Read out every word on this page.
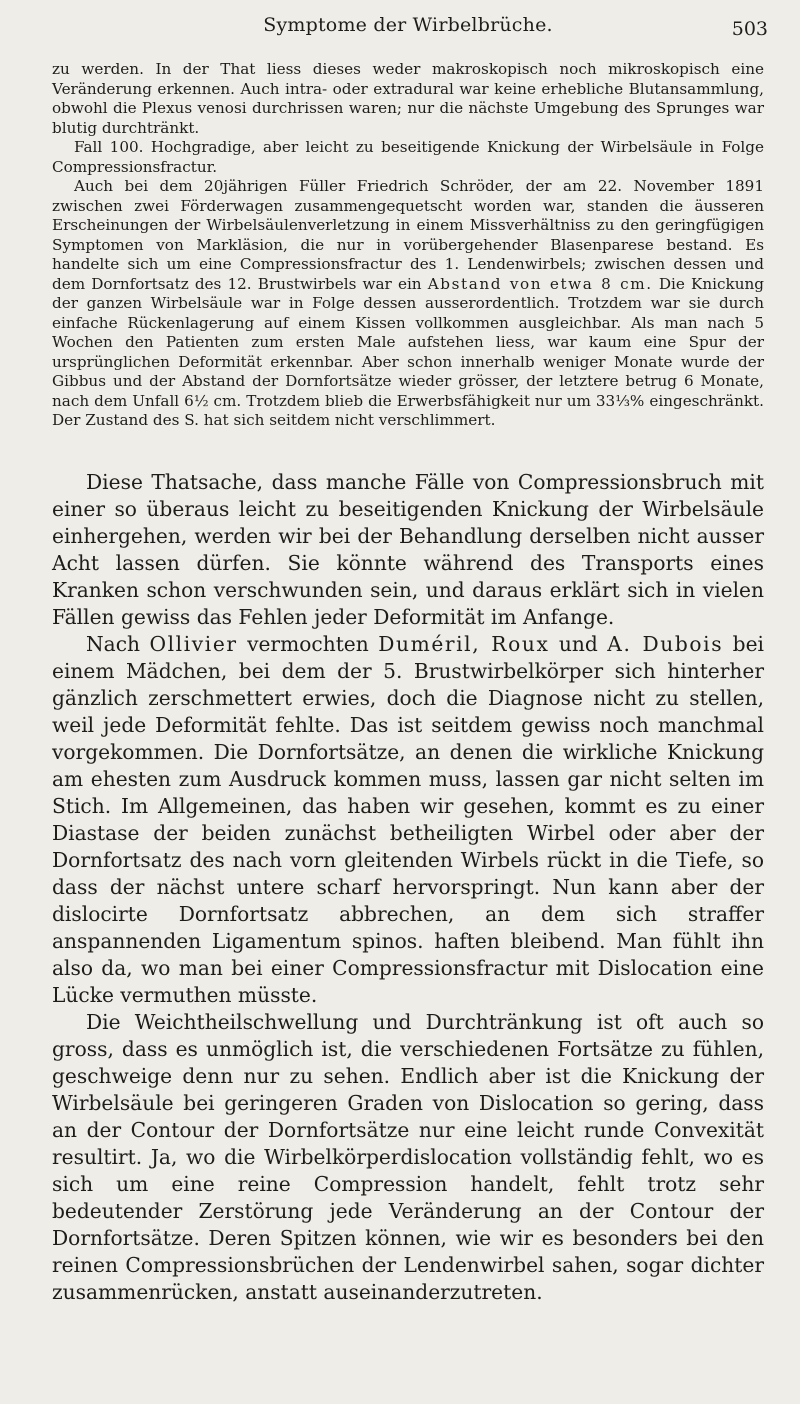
Symptome der Wirbelbrüche.	503

zu werden. In der That liess dieses weder makroskopisch noch mikroskopisch eine Veränderung erkennen. Auch intra- oder extradural war keine erhebliche Blutansammlung, obwohl die Plexus venosi durchrissen waren; nur die nächste Umgebung des Sprunges war blutig durchtränkt.

Fall 100. Hochgradige, aber leicht zu beseitigende Knickung der Wirbelsäule in Folge Compressionsfractur.

Auch bei dem 20jährigen Füller Friedrich Schröder, der am 22. November 1891 zwischen zwei Förderwagen zusammengequetscht worden war, standen die äusseren Erscheinungen der Wirbelsäulenverletzung in einem Missverhältniss zu den geringfügigen Symptomen von Markläsion, die nur in vorübergehender Blasenparese bestand. Es handelte sich um eine Compressionsfractur des 1. Lendenwirbels; zwischen dessen und dem Dornfortsatz des 12. Brustwirbels war ein Abstand von etwa 8 cm. Die Knickung der ganzen Wirbelsäule war in Folge dessen ausserordentlich. Trotzdem war sie durch einfache Rückenlagerung auf einem Kissen vollkommen ausgleichbar. Als man nach 5 Wochen den Patienten zum ersten Male aufstehen liess, war kaum eine Spur der ursprünglichen Deformität erkennbar. Aber schon innerhalb weniger Monate wurde der Gibbus und der Abstand der Dornfortsätze wieder grösser, der letztere betrug 6 Monate, nach dem Unfall 6½ cm. Trotzdem blieb die Erwerbsfähigkeit nur um 33⅓% eingeschränkt. Der Zustand des S. hat sich seitdem nicht verschlimmert.

Diese Thatsache, dass manche Fälle von Compressionsbruch mit einer so überaus leicht zu beseitigenden Knickung der Wirbelsäule einhergehen, werden wir bei der Behandlung derselben nicht ausser Acht lassen dürfen. Sie könnte während des Transports eines Kranken schon verschwunden sein, und daraus erklärt sich in vielen Fällen gewiss das Fehlen jeder Deformität im Anfange.

Nach Ollivier vermochten Duméril, Roux und A. Dubois bei einem Mädchen, bei dem der 5. Brustwirbelkörper sich hinterher gänzlich zerschmettert erwies, doch die Diagnose nicht zu stellen, weil jede Deformität fehlte. Das ist seitdem gewiss noch manchmal vorgekommen. Die Dornfortsätze, an denen die wirkliche Knickung am ehesten zum Ausdruck kommen muss, lassen gar nicht selten im Stich. Im Allgemeinen, das haben wir gesehen, kommt es zu einer Diastase der beiden zunächst betheiligten Wirbel oder aber der Dornfortsatz des nach vorn gleitenden Wirbels rückt in die Tiefe, so dass der nächst untere scharf hervorspringt. Nun kann aber der dislocirte Dornfortsatz abbrechen, an dem sich straffer anspannenden Ligamentum spinos. haften bleibend. Man fühlt ihn also da, wo man bei einer Compressionsfractur mit Dislocation eine Lücke vermuthen müsste.

Die Weichtheilschwellung und Durchtränkung ist oft auch so gross, dass es unmöglich ist, die verschiedenen Fortsätze zu fühlen, geschweige denn nur zu sehen. Endlich aber ist die Knickung der Wirbelsäule bei geringeren Graden von Dislocation so gering, dass an der Contour der Dornfortsätze nur eine leicht runde Convexität resultirt. Ja, wo die Wirbelkörperdislocation vollständig fehlt, wo es sich um eine reine Compression handelt, fehlt trotz sehr bedeutender Zerstörung jede Veränderung an der Contour der Dornfortsätze. Deren Spitzen können, wie wir es besonders bei den reinen Compressionsbrüchen der Lendenwirbel sahen, sogar dichter zusammenrücken, anstatt auseinanderzutreten.
